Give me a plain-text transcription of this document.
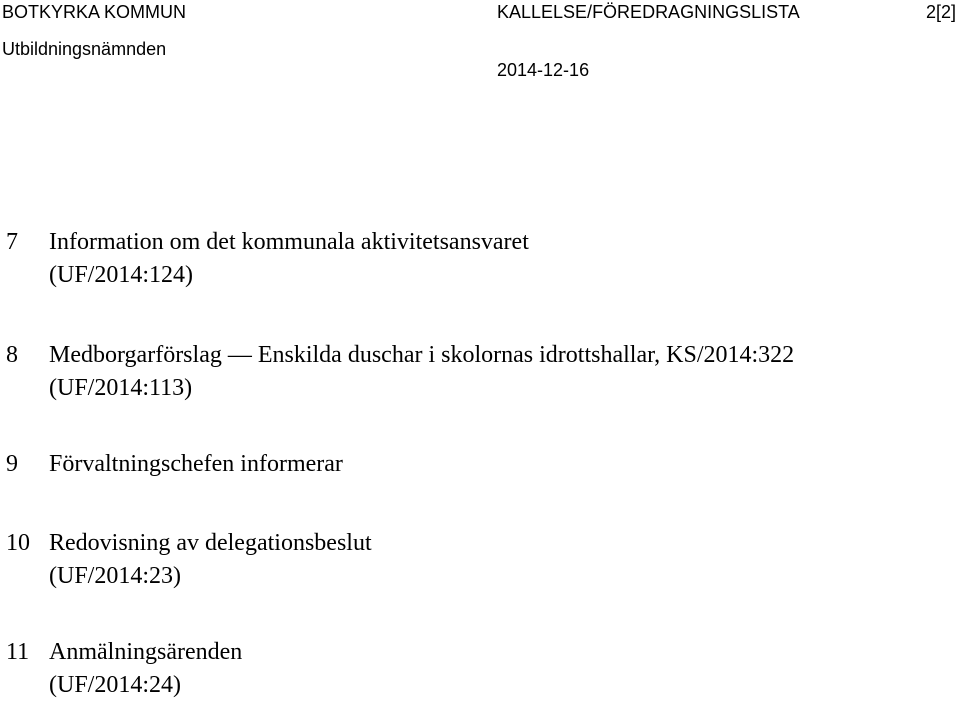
BOTKYRKA KOMMUN	KALLELSE/FÖREDRAGNINGSLISTA	2[2]
Utbildningsnämnden
2014-12-16
7 Information om det kommunala aktivitetsansvaret
(UF/2014:124)
8 Medborgarförslag — Enskilda duschar i skolornas idrottshallar, KS/2014:322
(UF/2014:113)
9 Förvaltningschefen informerar
10 Redovisning av delegationsbeslut
(UF/2014:23)
11 Anmälningsärenden
(UF/2014:24)
